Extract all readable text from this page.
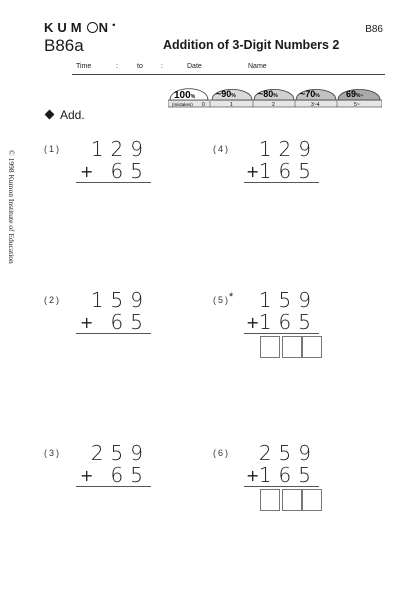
KUM N●
B86a
B86
Addition of 3-Digit Numbers 2
Time	:	to	:	Date	Name
100% ~90% ~80% ~70%	69%~
(mistakes) 0	1	2	3~4	5~
© 1998 Kumon Institute of Education
Add.
(1)	129
+ 65
(4)	129
+ 165
(2)	159
+ 65
(5) *	159
+ 165
(3)	259
+ 65
(6)	259
+ 165
